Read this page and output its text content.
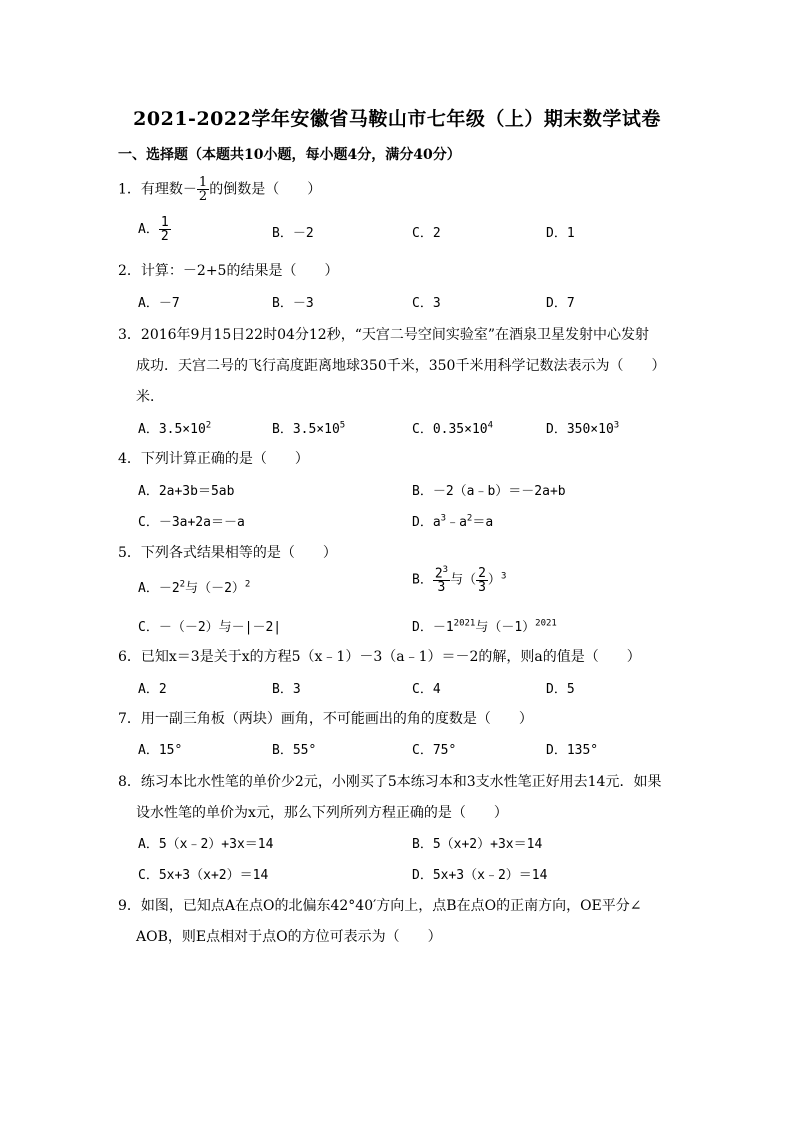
2021-2022学年安徽省马鞍山市七年级（上）期末数学试卷
一、选择题（本题共10小题，每小题4分，满分40分）
1．有理数－ $\frac{1}{2}$ 的倒数是（　　）
A． $\frac{1}{2}$	B．－2	C．2	D．1
2．计算：－2+5的结果是（　　）
A．－7	B．－3	C．3	D．7
3．2016年9月15日22时04分12秒，“天宫二号空间实验室”在酒泉卫星发射中心发射
成功．天宫二号的飞行高度距离地球350千米，350千米用科学记数法表示为（　　）
米．
A．$3.5\times 10^2$	B．$3.5\times 10^5$	C．$0.35\times 10^4$	D．$350\times 10^3$
4．下列计算正确的是（　　）
A．2a+3b＝5ab	B．－2（a﹣b）＝－2a+b
C．－3a+2a＝－a	D．$a^3﹣a^2=a$
5．下列各式结果相等的是（　　）
A．$-2^2$与$(-2)^2$	B． $\frac{2^3}{3}$ 与（ $\frac{2}{3} )^3$
C．－（－2）与－|－2|	D．$-1^{2021}$与$(-1)^{2021}$
6．已知x＝3是关于x的方程5（x﹣1）－3（a﹣1）＝－2的解，则a的值是（　　）
A．2	B．3	C．4	D．5
7．用一副三角板（两块）画角，不可能画出的角的度数是（　　）
A．15°	B．55°	C．75°	D．135°
8．练习本比水性笔的单价少2元，小刚买了5本练习本和3支水性笔正好用去14元．如果
设水性笔的单价为x元，那么下列所列方程正确的是（　　）
A．5（x﹣2）+3x＝14	B．5（x+2）+3x＝14
C．5x+3（x+2）＝14	D．5x+3（x﹣2）＝14
9．如图，已知点A在点O的北偏东42°40′方向上，点B在点O的正南方向，OE平分∠
AOB，则E点相对于点O的方位可表示为（　　）
